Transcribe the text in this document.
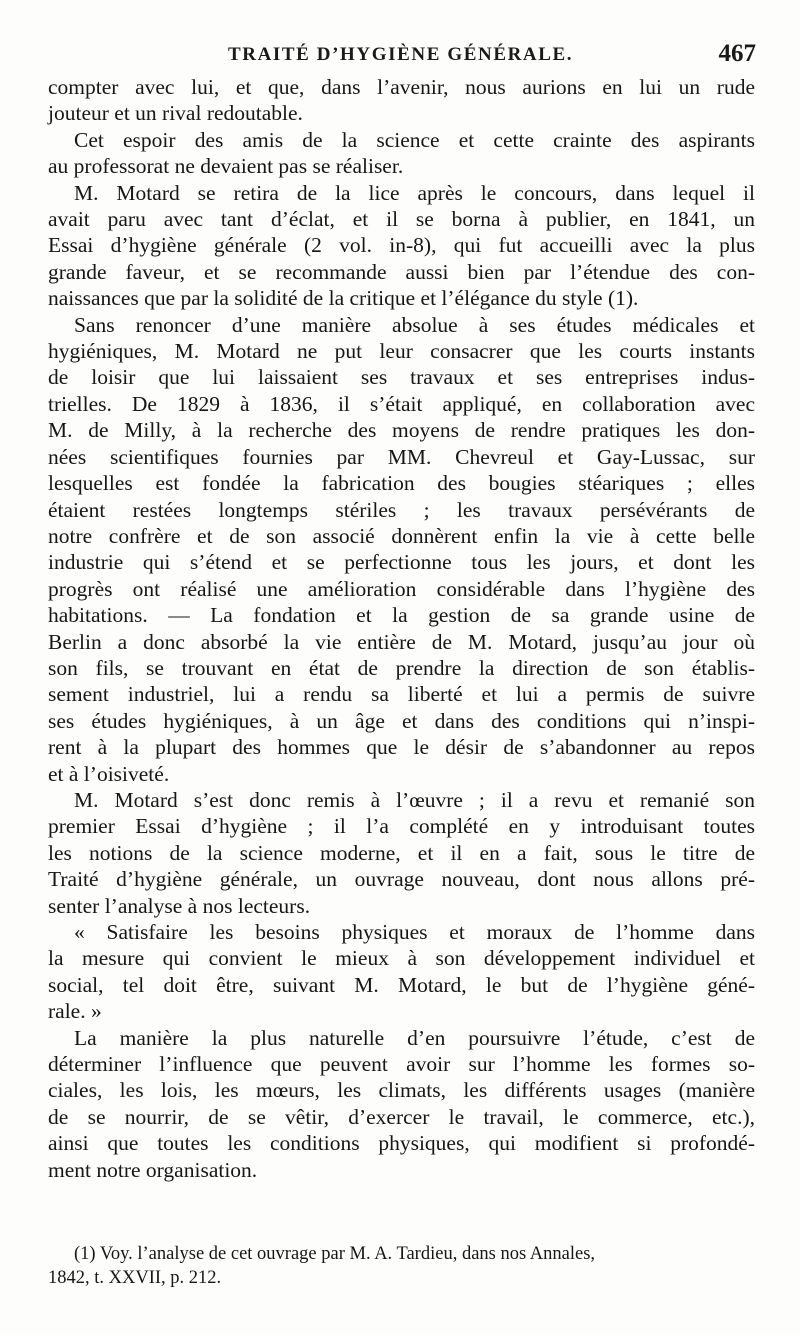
TRAITÉ D’HYGIÈNE GÉNÉRALE.	467

compter avec lui, et que, dans l’avenir, nous aurions en lui un rude
jouteur et un rival redoutable.

Cet espoir des amis de la science et cette crainte des aspirants
au professorat ne devaient pas se réaliser.

M. Motard se retira de la lice après le concours, dans lequel il
avait paru avec tant d’éclat, et il se borna à publier, en 1841, un
Essai d’hygiène générale (2 vol. in-8), qui fut accueilli avec la plus
grande faveur, et se recommande aussi bien par l’étendue des con-
naissances que par la solidité de la critique et l’élégance du style (1).

Sans renoncer d’une manière absolue à ses études médicales et
hygiéniques, M. Motard ne put leur consacrer que les courts instants
de loisir que lui laissaient ses travaux et ses entreprises indus-
trielles. De 1829 à 1836, il s’était appliqué, en collaboration avec
M. de Milly, à la recherche des moyens de rendre pratiques les don-
nées scientifiques fournies par MM. Chevreul et Gay-Lussac, sur
lesquelles est fondée la fabrication des bougies stéariques ; elles
étaient restées longtemps stériles ; les travaux persévérants de
notre confrère et de son associé donnèrent enfin la vie à cette belle
industrie qui s’étend et se perfectionne tous les jours, et dont les
progrès ont réalisé une amélioration considérable dans l’hygiène des
habitations. — La fondation et la gestion de sa grande usine de
Berlin a donc absorbé la vie entière de M. Motard, jusqu’au jour où
son fils, se trouvant en état de prendre la direction de son établis-
sement industriel, lui a rendu sa liberté et lui a permis de suivre
ses études hygiéniques, à un âge et dans des conditions qui n’inspi-
rent à la plupart des hommes que le désir de s’abandonner au repos
et à l’oisiveté.

M. Motard s’est donc remis à l’œuvre ; il a revu et remanié son
premier Essai d’hygiène ; il l’a complété en y introduisant toutes
les notions de la science moderne, et il en a fait, sous le titre de
Traité d’hygiène générale, un ouvrage nouveau, dont nous allons pré-
senter l’analyse à nos lecteurs.

« Satisfaire les besoins physiques et moraux de l’homme dans
la mesure qui convient le mieux à son développement individuel et
social, tel doit être, suivant M. Motard, le but de l’hygiène géné-
rale. »

La manière la plus naturelle d’en poursuivre l’étude, c’est de
déterminer l’influence que peuvent avoir sur l’homme les formes so-
ciales, les lois, les mœurs, les climats, les différents usages (manière
de se nourrir, de se vêtir, d’exercer le travail, le commerce, etc.),
ainsi que toutes les conditions physiques, qui modifient si profondé-
ment notre organisation.

(1) Voy. l’analyse de cet ouvrage par M. A. Tardieu, dans nos Annales,
1842, t. XXVII, p. 212.
